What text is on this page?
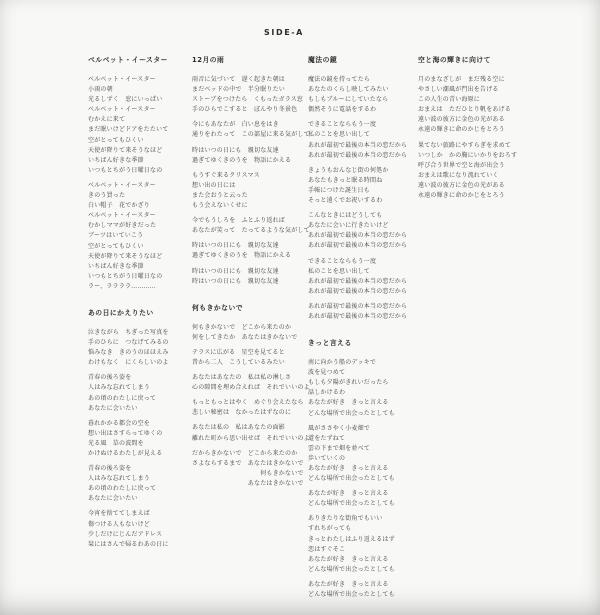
SIDE-A
ベルベット・イースター
ベルベット・イースター
小雨の朝
光るしずく　窓にいっぱい
ベルベット・イースター
むかえに来て
まだ眠いけどドアをたたいて
空がとってもひくい
天使が降りて来そうなほど
いちばん好きな季節
いつもとちがう日曜日なの
ベルベット・イースター
きのう買った
白い帽子　花でかざり
ベルベット・イースター
むかしママが好きだった
ブーツはいていこう
空がとってもひくい
天使が降りて来そうなほど
いちばん好きな季節
いつもとちがう日曜日なの
ラー、ララララ…………
あの日にかえりたい
泣きながら　ちぎった写真を
手のひらに　つなげてみるの
悩みなき　きのうのほほえみ
わけもなく　にくらしいのよ
青春の後ろ姿を
人はみな忘れてしまう
あの頃のわたしに戻って
あなたに会いたい
暮れかかる都会の空を
想い出はさすらってゆくの
光る風　草の波間を
かけぬけるわたしが見える
青春の後ろ姿を
人はみな忘れてしまう
あの頃のわたしに戻って
あなたに会いたい
今宵を捨ててしまえば
傷つける人もないけど
少しだけにじんだアドレス
栞にはさんで帰るわあの日に
12月の雨
雨音に気づいて　遅く起きた朝は
まだベッドの中で　半分眠りたい
ストーブをつけたら　くもったガラス窓
手のひらでこすると　ぼんやり冬景色
今にもあなたが　白い息をはき
通りをわたって　この部屋に来る気がして
時はいつの日にも　親切な友達
過ぎてゆくきのうを　物語にかえる
もうすぐ来るクリスマス
想い出の日には
また会おうと云った
もう会えないくせに
今でもうしろを　ふとふり返れば
あなたが笑って　たってるような気がして
時はいつの日にも　親切な友達
過ぎてゆくきのうを　物語にかえる
時はいつの日にも　親切な友達
時はいつの日にも　親切な友達
何もきかないで
何もきかないで　どこから来たのか
何をしてきたか　あなたはきかないで
テラスに広がる　星空を見てると
昔から二人　こうしているみたい
あなたはあなたの　私は私の淋しさ
心の隙間を埋め合えれば　それでいいのよ
もっともっとはやく　めぐり会えたなら
悲しい秘密は　なかったはずなのに
あなたは私の　私はあなたの面影
離れた町から思い出せば　それでいいのよ
だからきかないで　どこから来たのか
さよならするまで　あなたはきかないで
　　　　　　　　　　　何もきかないで
　　　　　　　　　あなたはきかないで
魔法の鏡
魔法の鏡を持ってたら
あなたのくらし映してみたい
もしもブルーにしていたなら
偶然そうに電話をするわ
できることならもう一度
私のことを思い出して
あれが最初で最後の本当の恋だから
あれが最初で最後の本当の恋だから
きょうもおんなじ街の何処か
あなたもきっと眠る時間ね
手帳につけた誕生日も
そっと遠くでお祝いするわ
こんなときにはどうしても
あなたに会いに行きたいけど
あれが最初で最後の本当の恋だから
あれが最初で最後の本当の恋だから
できることならもう一度
私のことを思い出して
あれが最初で最後の本当の恋だから
あれが最初で最後の本当の恋だから
あれが最初で最後の本当の恋だから
あれが最初で最後の本当の恋だから
きっと言える
南に向かう船のデッキで
波を見つめて
もしも夕陽がきれいだったら
話しかけるわ
あなたが好き　きっと言える
どんな場所で出会ったとしても
風がささやく小麦畑で
道をたずねて
雲の下まで畑を並べて
歩いていくの
あなたが好き　きっと言える
どんな場所で出会ったとしても
あなたが好き　きっと言える
どんな場所で出会ったとしても
ありきたりな街角でもいい
すれちがっても
きっとわたしはふり返えるはず
恋はすぐそこ
あなたが好き　きっと言える
どんな場所で出会ったとしても
あなたが好き　きっと言える
どんな場所で出会ったとしても
空と海の輝きに向けて
月のまなざしが　まだ残る空に
やさしい潮風が門出を告げる
この人生の青い海原に
おまえは　ただひとり帆をあげる
遠い波の彼方に金色の光がある
永遠の輝きに命のかじをとろう
果てない旅路にやすらぎを求めて
いつしか　かの胸にいかりをおろす
呼び合う世界で空と海が出会う
おまえは歌になり流れていく
遠い波の彼方に金色の光がある
永遠の輝きに命のかじをとろう
